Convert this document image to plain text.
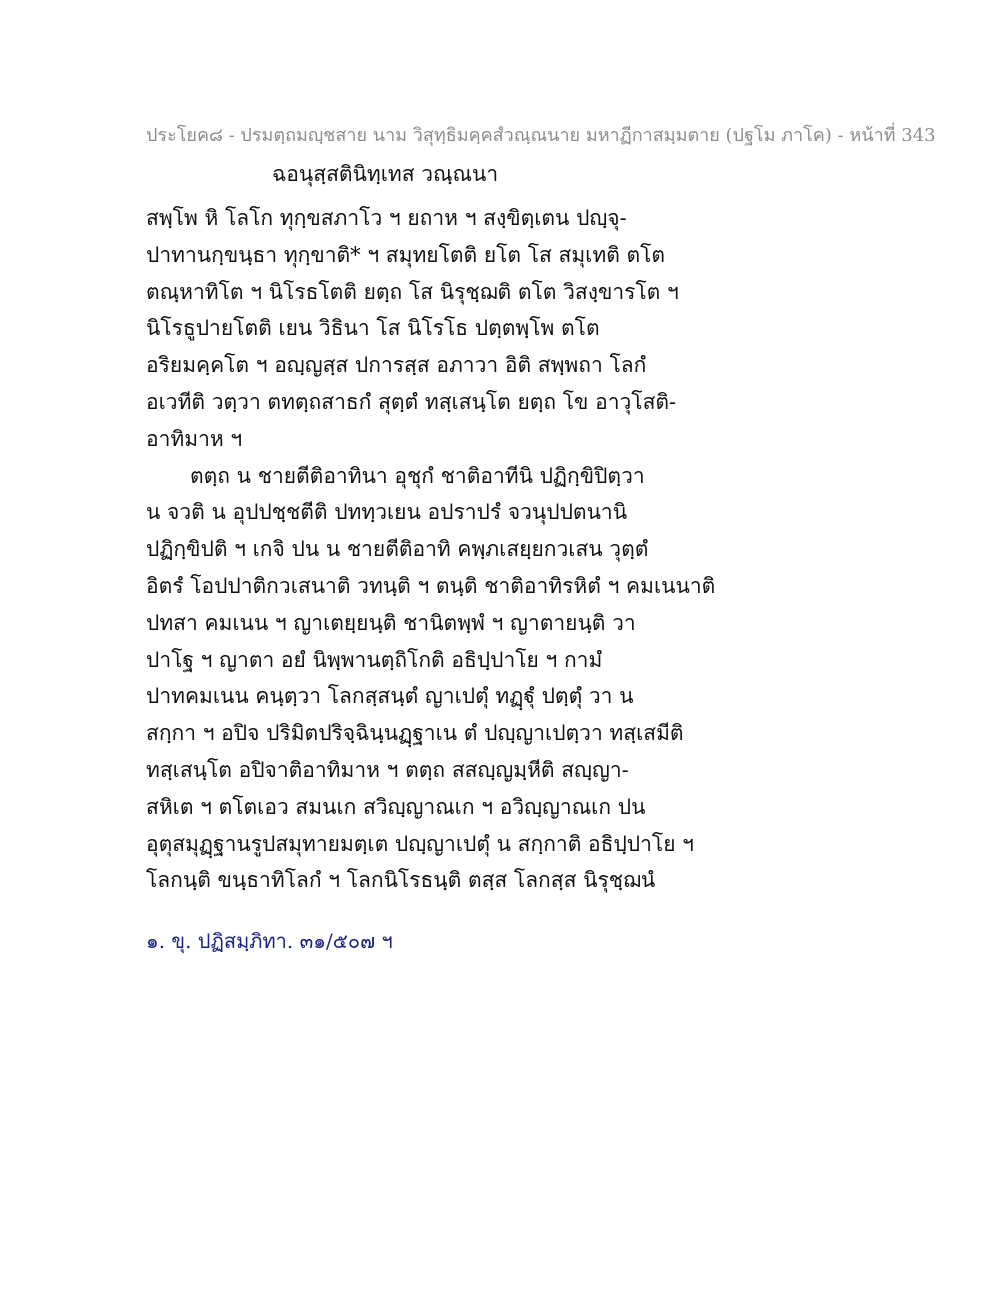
ประโยค๘ - ปรมตฺถมญฺชสาย นาม วิสุทฺธิมคฺคสํวณฺณนาย มหาฏีกาสมฺมตาย (ปฐโม ภาโค) - หน้าที่ 343
ฉอนุสฺสตินิทฺเทส วณฺณนา
สพฺโพ หิ โลโก ทุกฺขสภาโว ฯ ยถาห ฯ สงฺขิตฺเตน ปญฺจุ-
ปาทานกฺขนฺธา ทุกฺขาติ* ฯ สมุทยโตติ ยโต โส สมุเทติ ตโต
ตณฺหาทิโต ฯ นิโรธโตติ ยตฺถ โส นิรุชฺฌติ ตโต วิสงฺขารโต ฯ
นิโรธูปายโตติ เยน วิธินา โส นิโรโธ ปตฺตพฺโพ ตโต
อริยมคฺคโต ฯ อญฺญสฺส ปการสฺส อภาวา อิติ สพฺพถา โลกํ
อเวทีติ วตฺวา ตทตฺถสาธกํ สุตฺตํ ทสฺเสนฺโต ยตฺถ โข อาวุโสติ-
อาทิมาห ฯ
ตตฺถ น ชายตีติอาทินา อุชุกํ ชาติอาทีนิ ปฏิกฺขิปิตฺวา
น จวติ น อุปปชฺชตีติ ปททฺวเยน อปราปรํ จวนุปปตนานิ
ปฏิกฺขิปติ ฯ เกจิ ปน น ชายตีติอาทิ คพฺภเสยฺยกวเสน วุตฺตํ
อิตรํ โอปปาติกวเสนาติ วทนฺติ ฯ ตนฺติ ชาติอาทิรหิตํ ฯ คมเนนาติ
ปทสา คมเนน ฯ ญาเตยฺยนฺติ ชานิตพฺพํ ฯ ญาตายนฺติ วา
ปาโฐ ฯ ญาตา อยํ นิพฺพานตฺถิโกติ อธิปฺปาโย ฯ กามํ
ปาทคมเนน คนฺตฺวา โลกสฺสนฺตํ ญาเปตุํ ทฏฺฐุํ ปตฺตุํ วา น
สกฺกา ฯ อปิจ ปริมิตปริจฺฉินฺนฏฺฐาเน ตํ ปญฺญาเปตฺวา ทสฺเสมีติ
ทสฺเสนฺโต อปิจาติอาทิมาห ฯ ตตฺถ สสญฺญมฺหีติ สญฺญา-
สหิเต ฯ ตโตเอว สมนเก สวิญฺญาณเก ฯ อวิญฺญาณเก ปน
อุตุสมุฏฺฐานรูปสมุทายมตฺเต ปญฺญาเปตุํ น สกฺกาติ อธิปฺปาโย ฯ
โลกนฺติ ขนฺธาทิโลกํ ฯ โลกนิโรธนฺติ ตสฺส โลกสฺส นิรุชฺฌนํ
๑. ขุ. ปฏิสมฺภิทา. ๓๑/๕๐๗ ฯ
